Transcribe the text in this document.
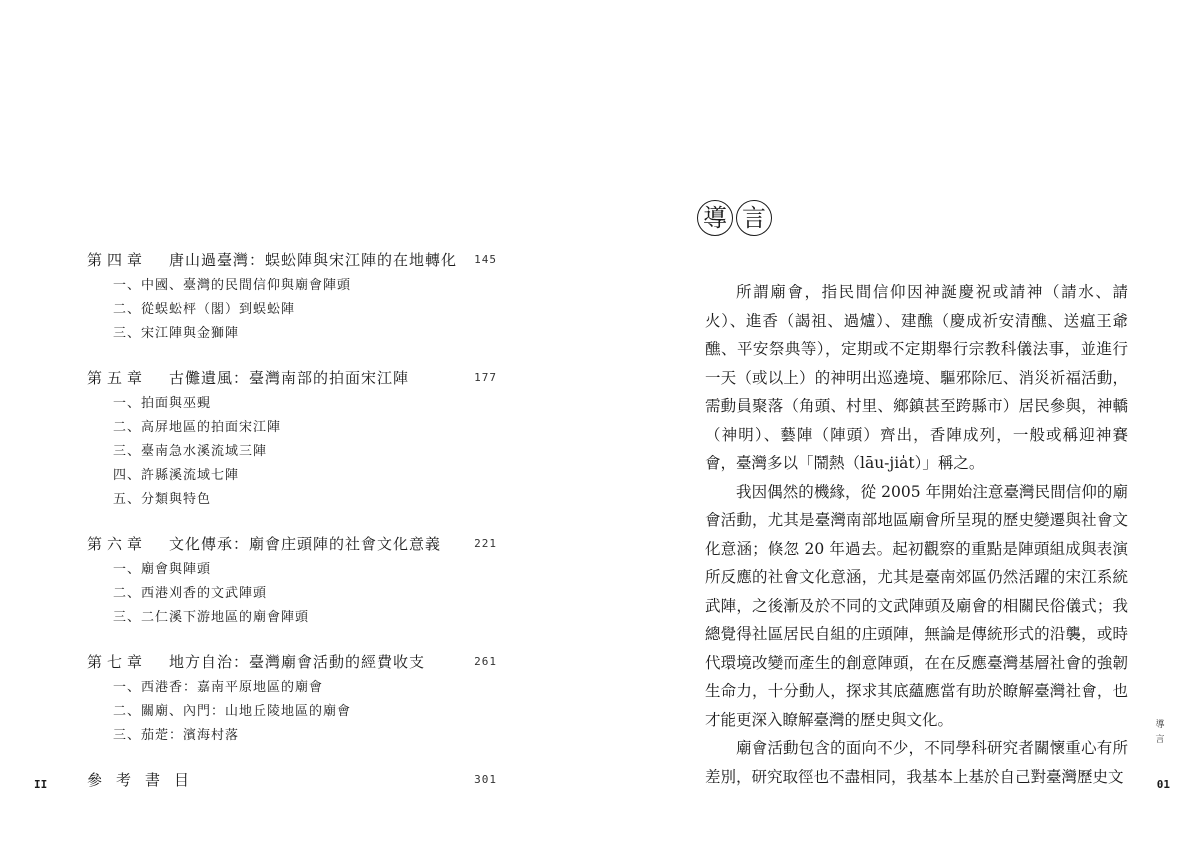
第四章 唐山過臺灣：蜈蚣陣與宋江陣的在地轉化 145
一、中國、臺灣的民間信仰與廟會陣頭
二、從蜈蚣枰（閣）到蜈蚣陣
三、宋江陣與金獅陣
第五章 古儺遺風：臺灣南部的拍面宋江陣	177
一、拍面與巫覡
二、高屏地區的拍面宋江陣
三、臺南急水溪流域三陣
四、許縣溪流域七陣
五、分類與特色
第六章 文化傳承：廟會庄頭陣的社會文化意義	221
一、廟會與陣頭
二、西港刈香的文武陣頭
三、二仁溪下游地區的廟會陣頭
第七章 地方自治：臺灣廟會活動的經費收支	261
一、西港香：嘉南平原地區的廟會
二、關廟、內門：山地丘陵地區的廟會
三、茄萣：濱海村落
參考書目	301
II
導 言

所謂廟會，指民間信仰因神誕慶祝或請神（請水、請火）、進香（謁祖、過爐）、建醮（慶成祈安清醮、送瘟王爺醮、平安祭典等），定期或不定期舉行宗教科儀法事，並進行一天（或以上）的神明出巡遶境、驅邪除厄、消災祈福活動，需動員聚落（角頭、村里、鄉鎮甚至跨縣市）居民參與，神轎（神明）、藝陣（陣頭）齊出，香陣成列，一般或稱迎神賽會，臺灣多以「鬧熱（lāu-jia̍t）」稱之。

我因偶然的機緣，從 2005 年開始注意臺灣民間信仰的廟會活動，尤其是臺灣南部地區廟會所呈現的歷史變遷與社會文化意涵；倏忽 20 年過去。起初觀察的重點是陣頭組成與表演所反應的社會文化意涵，尤其是臺南郊區仍然活躍的宋江系統武陣，之後漸及於不同的文武陣頭及廟會的相關民俗儀式；我總覺得社區居民自組的庄頭陣，無論是傳統形式的沿襲，或時代環境改變而產生的創意陣頭，在在反應臺灣基層社會的強韌生命力，十分動人，探求其底蘊應當有助於瞭解臺灣社會，也才能更深入瞭解臺灣的歷史與文化。

廟會活動包含的面向不少，不同學科研究者關懷重心有所差別，研究取徑也不盡相同，我基本上基於自己對臺灣歷史文

導言
01
